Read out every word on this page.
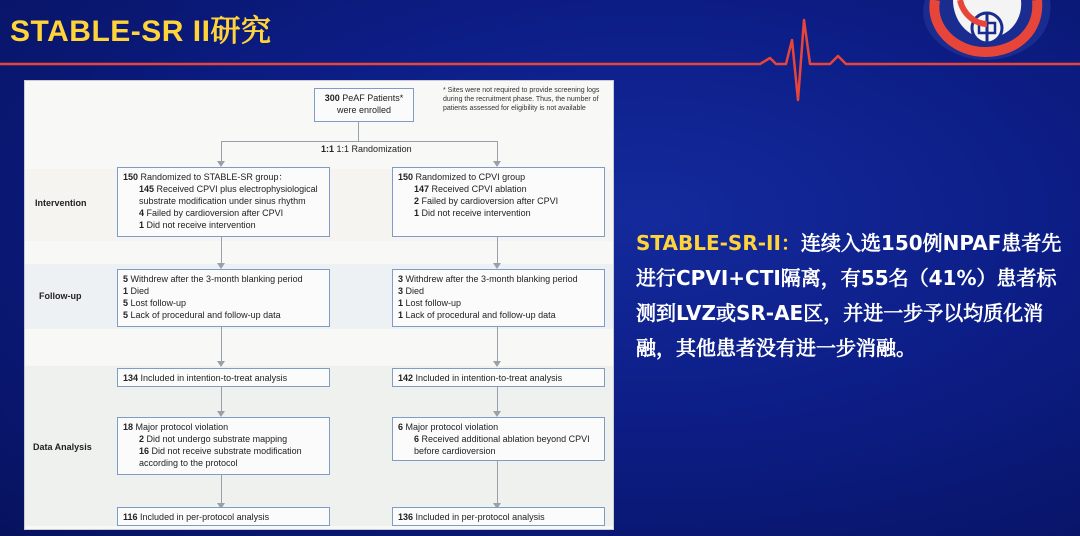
STABLE-SR II研究
300 PeAF Patients*
were enrolled
* Sites were not required to provide screening logs during the recruitment phase. Thus, the number of patients assessed for eligibility is not available
1:1 1:1 Randomization
Intervention
Follow-up
Data Analysis
150 Randomized to STABLE-SR group：
145 Received CPVI plus electrophysiological
substrate modification under sinus rhythm
4 Failed by cardioversion after CPVI
1 Did not receive intervention
150 Randomized to CPVI group
147 Received CPVI ablation
2 Failed by cardioversion after CPVI
1 Did not receive intervention
5 Withdrew after the 3-month blanking period
1 Died
5 Lost follow-up
5 Lack of procedural and follow-up data
3 Withdrew after the 3-month blanking period
3 Died
1 Lost follow-up
1 Lack of procedural and follow-up data
134 Included in intention-to-treat analysis	142 Included in intention-to-treat analysis
18 Major protocol violation
2 Did not undergo substrate mapping
16 Did not receive substrate modification
according to the protocol
6 Major protocol violation
6 Received additional ablation beyond CPVI
before cardioversion
116 Included in per-protocol analysis	136 Included in per-protocol analysis
STABLE-SR-II：连续入选150例NPAF患者先进行CPVI+CTI隔离，有55名（41%）患者标测到LVZ或SR-AE区，并进一步予以均质化消融，其他患者没有进一步消融。
